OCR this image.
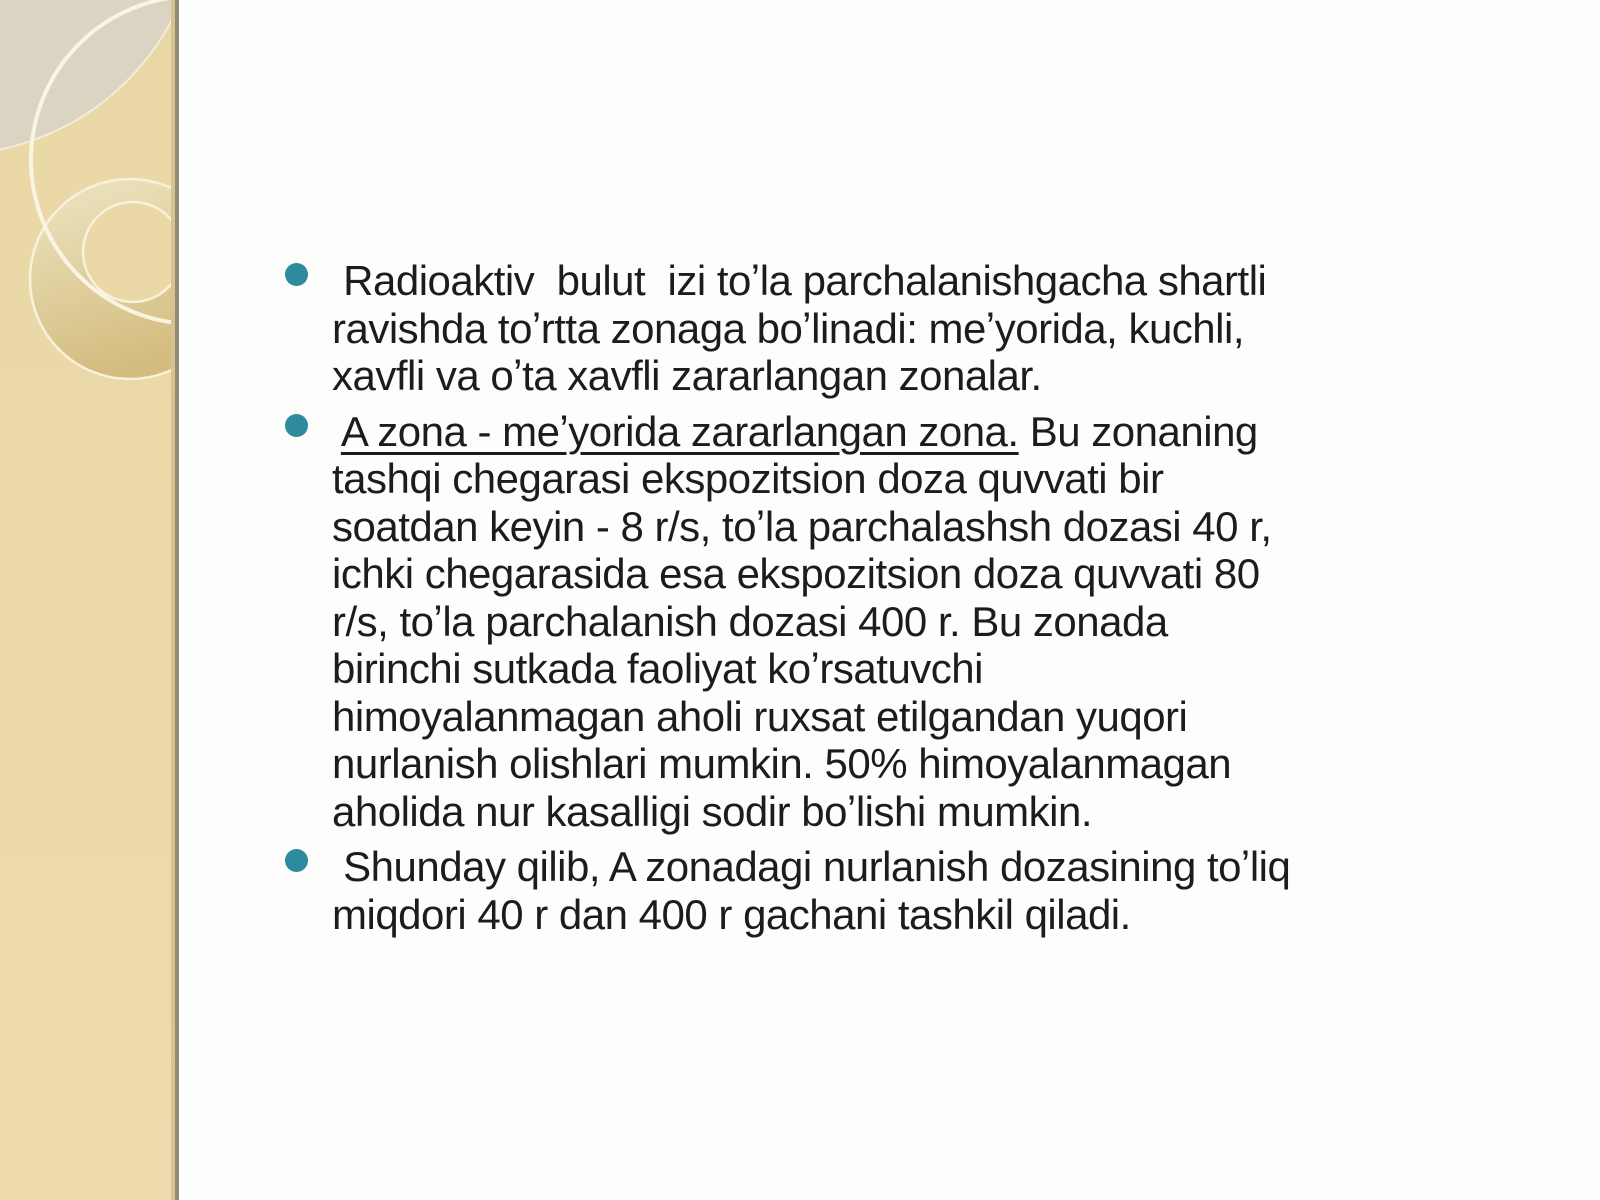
Radioaktiv  bulut  izi toʼla parchalanishgacha shartli
ravishda toʼrtta zonaga boʼlinadi: meʼyorida, kuchli,
xavfli va oʼta xavfli zararlangan zonalar.
A zona - meʼyorida zararlangan zona. Bu zonaning
tashqi chegarasi ekspozitsion doza quvvati bir
soatdan keyin - 8 r/s, toʼla parchalashsh dozasi 40 r,
ichki chegarasida esa ekspozitsion doza quvvati 80
r/s, toʼla parchalanish dozasi 400 r. Bu zonada
birinchi sutkada faoliyat koʼrsatuvchi
himoyalanmagan aholi ruxsat etilgandan yuqori
nurlanish olishlari mumkin. 50% himoyalanmagan
aholida nur kasalligi sodir boʼlishi mumkin.
Shunday qilib, A zonadagi nurlanish dozasining toʼliq
miqdori 40 r dan 400 r gachani tashkil qiladi.
